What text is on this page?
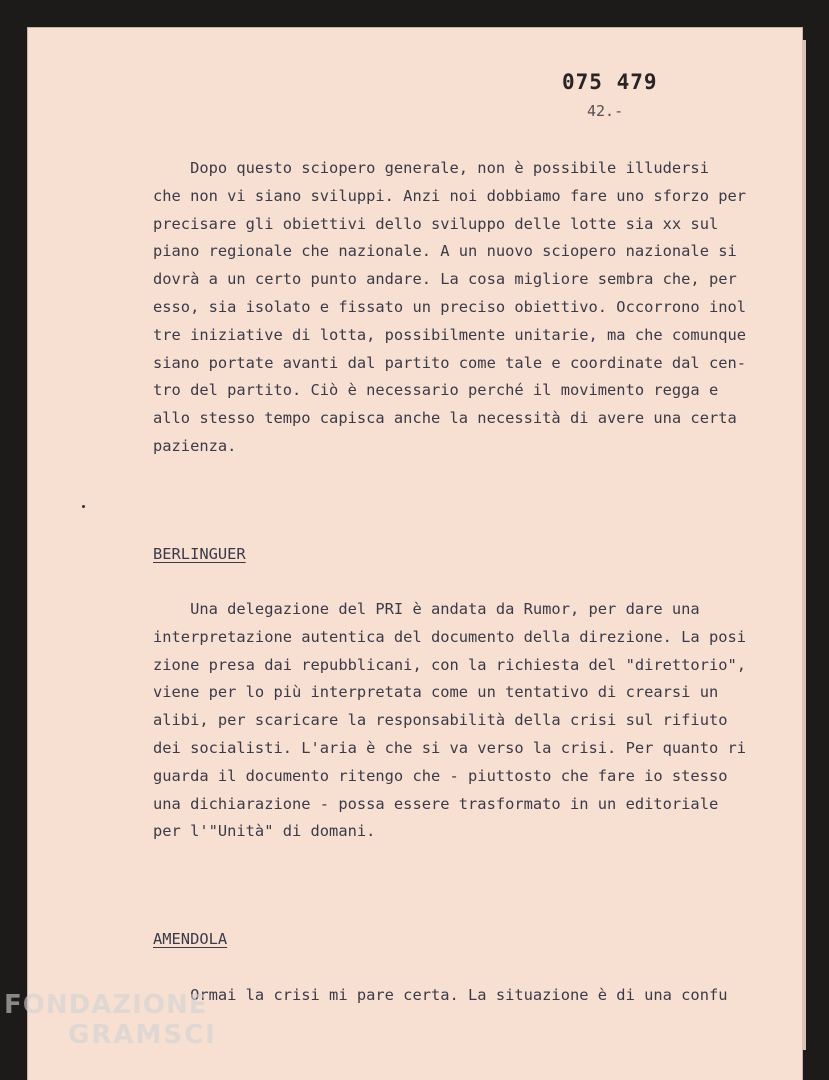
075 479
42.-
Dopo questo sciopero generale, non è possibile illudersi
che non vi siano sviluppi. Anzi noi dobbiamo fare uno sforzo per
precisare gli obiettivi dello sviluppo delle lotte sia xx sul
piano regionale che nazionale. A un nuovo sciopero nazionale si
dovrà a un certo punto andare. La cosa migliore sembra che, per
esso, sia isolato e fissato un preciso obiettivo. Occorrono inol
tre iniziative di lotta, possibilmente unitarie, ma che comunque
siano portate avanti dal partito come tale e coordinate dal cen-
tro del partito. Ciò è necessario perché il movimento regga e
allo stesso tempo capisca anche la necessità di avere una certa
pazienza.
BERLINGUER
Una delegazione del PRI è andata da Rumor, per dare una
interpretazione autentica del documento della direzione. La posi
zione presa dai repubblicani, con la richiesta del "direttorio",
viene per lo più interpretata come un tentativo di crearsi un
alibi, per scaricare la responsabilità della crisi sul rifiuto
dei socialisti. L'aria è che si va verso la crisi. Per quanto ri
guarda il documento ritengo che - piuttosto che fare io stesso
una dichiarazione - possa essere trasformato in un editoriale
per l'"Unità" di domani.
AMENDOLA
Ormai la crisi mi pare certa. La situazione è di una confu
FONDAZIONE
GRAMSCI
